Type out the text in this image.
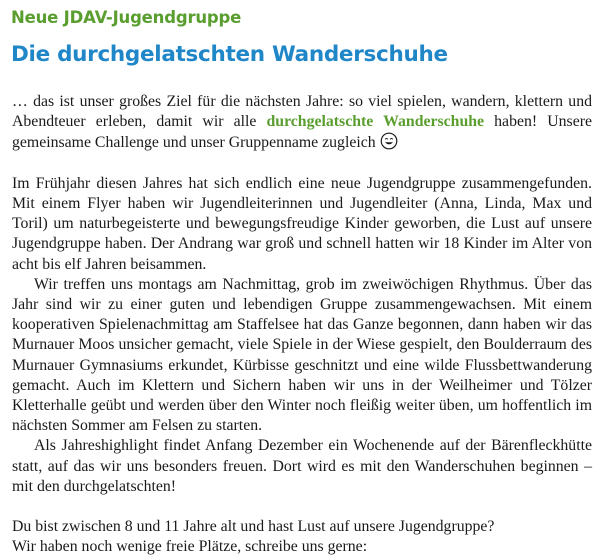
Neue JDAV-Jugendgruppe
Die durchgelatschten Wanderschuhe

… das ist unser großes Ziel für die nächsten Jahre: so viel spielen, wandern, klettern und Abendteuer erleben, damit wir alle durchgelatschte Wanderschuhe haben! Unsere gemeinsame Challenge und unser Gruppenname zugleich

Im Frühjahr diesen Jahres hat sich endlich eine neue Jugendgruppe zusammengefunden. Mit einem Flyer haben wir Jugendleiterinnen und Jugendleiter (Anna, Linda, Max und Toril) um naturbegeisterte und bewegungsfreudige Kinder geworben, die Lust auf unsere Jugendgruppe haben. Der Andrang war groß und schnell hatten wir 18 Kinder im Alter von acht bis elf Jahren beisammen.

Wir treffen uns montags am Nachmittag, grob im zweiwöchigen Rhythmus. Über das Jahr sind wir zu einer guten und lebendigen Gruppe zusammengewachsen. Mit einem kooperativen Spielenachmittag am Staffelsee hat das Ganze begonnen, dann haben wir das Murnauer Moos unsicher gemacht, viele Spiele in der Wiese gespielt, den Boulderraum des Murnauer Gymnasiums erkundet, Kürbisse geschnitzt und eine wilde Flussbettwanderung gemacht. Auch im Klettern und Sichern haben wir uns in der Weilheimer und Tölzer Kletterhalle geübt und werden über den Winter noch fleißig weiter üben, um hoffentlich im nächsten Sommer am Felsen zu starten.

Als Jahreshighlight findet Anfang Dezember ein Wochenende auf der Bärenfleckhütte statt, auf das wir uns besonders freuen. Dort wird es mit den Wanderschuhen beginnen – mit den durchgelatschten!

Du bist zwischen 8 und 11 Jahre alt und hast Lust auf unsere Jugendgruppe?

Wir haben noch wenige freie Plätze, schreibe uns gerne:
